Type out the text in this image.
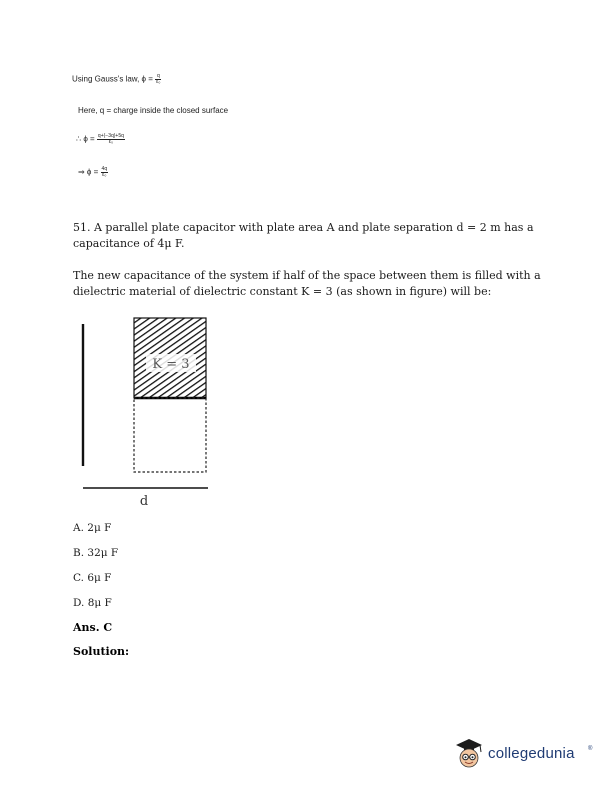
Using Gauss's law, $\phi = \frac{q}{\text{ε₀}}$
Here, q = charge inside the closed surface
∴ $\phi = \frac{q+(-3q)+5q}{\text{ε₀}}$
⇒ $\phi = \frac{4q}{\text{ε₀}}$
51. A parallel plate capacitor with plate area A and plate separation d = 2 m has a capacitance of 4μ F.
The new capacitance of the system if half of the space between them is filled with a dielectric material of dielectric constant K = 3 (as shown in figure) will be:
K = 3
d
A. 2μ F
B. 32μ F
C. 6μ F
D. 8μ F
Ans. C
Solution:
collegedunia ®
